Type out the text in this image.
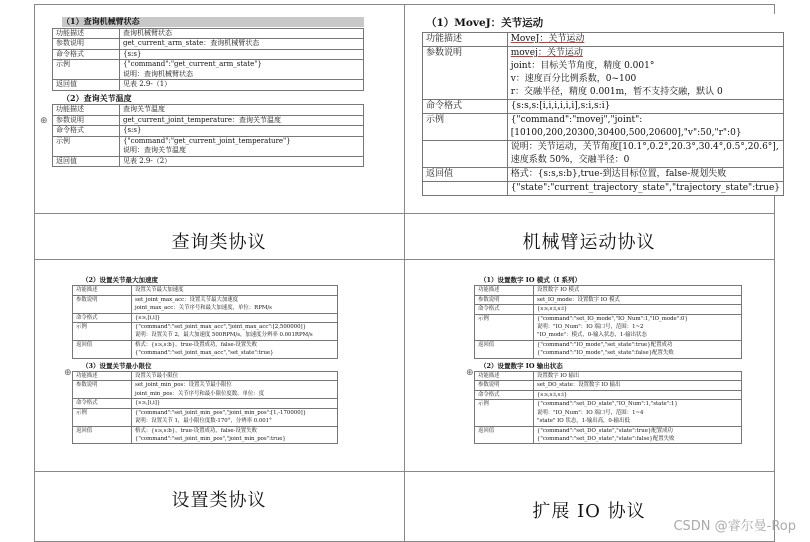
（1）查询机械臂状态
功能描述	查询机械臂状态

参数说明	get_current_arm_state：查询机械臂状态

命令格式	{s:s}

示例	{"command":"get_current_arm_state"}
说明：查询机械臂状态

返回值	见表 2.9-（1）
（2）查询关节温度
功能描述	查询关节温度

参数说明	get_current_joint_temperature：查询关节温度

命令格式	{s:s}

示例	{"command":"get_current_joint_temperature"}
说明：查询关节温度

返回值	见表 2.9-（2）
（1）MoveJ：关节运动
功能描述	MoveJ：关节运动

参数说明	movej：关节运动
joint：目标关节角度，精度 0.001°
v：速度百分比例系数，0~100
r：交融半径，精度 0.001m，暂不支持交融，默认 0

命令格式	{s:s,s:[i,i,i,i,i,i],s:i,s:i}

示例	{"command":"movej","joint":[10100,200,20300,30400,500,20600],"v":50,"r":0}

	说明：关节运动，关节角度[10.1°,0.2°,20.3°,30.4°,0.5°,20.6°],速度系数 50%，交融半径：0

返回值	格式：{s:s,s:b},true-到达目标位置，false-规划失败

	{"state":"current_trajectory_state","trajectory_state":true}
（2）设置关节最大加速度
功能描述	设置关节最大加速度

参数说明	set_joint_max_acc：设置关节最大加速度
joint_max_acc：关节序号和最大加速度，单位：RPM/s

命令格式	{s:s,[i,i]}

示例	{"command":"set_joint_max_acc","joint_max_acc":[2,500000]}
说明：设置关节 2，最大加速度 500RPM/s，加速度分辨率 0.001RPM/s

返回值	格式：{s:s,s:b}，true-设置成功，false-设置失败
{"command":"set_joint_max_acc","set_state":true}
（3）设置关节最小限位
功能描述	设置关节最小限位

参数说明	set_joint_min_pos：设置关节最小限位
joint_min_pos：关节序号和最小限位度数，单位：度

命令格式	{s:s,[i,i]}

示例	{"command":"set_joint_min_pos","joint_min_pos":[1,-170000]}
说明：设置关节 1，最小限位度数-170°，分辨率 0.001°

返回值	格式：{s:s,s:b}，true-设置成功，false-设置失败
{"command":"set_joint_min_pos","joint_min_pos":true}
（1）设置数字 IO 模式（I 系列）
功能描述	设置数字 IO 模式

参数说明	set_IO_mode：设置数字 IO 模式

命令格式	{s:s,s:i,s:i}

示例	{"command":"set_IO_mode","IO_Num":1,"IO_mode":0}
说明："IO_Num"：IO 端口号，范围：1~2
"IO_mode"：模式，0-输入状态，1-输出状态

返回值	{"command":"IO_mode","set_state":true}配置成功
{"command":"IO_mode","set_state":false}配置失败
（2）设置数字 IO 输出状态
功能描述	设置数字 IO 输出

参数说明	set_DO_state：设置数字 IO 输出

命令格式	{s:s,s:i,s:i}

示例	{"command":"set_DO_state","IO_Num":1,"state":1}
说明："IO_Num"：IO 端口号，范围：1~4
"state" IO 状态，1-输出高，0-输出低

返回值	{"command":"set_DO_state","state":true}配置成功
{"command":"set_DO_state","state":false}配置失败
⊕
⊕	⊕
查询类协议	机械臂运动协议
设置类协议
扩展 IO 协议
CSDN @睿尔曼-Rop
